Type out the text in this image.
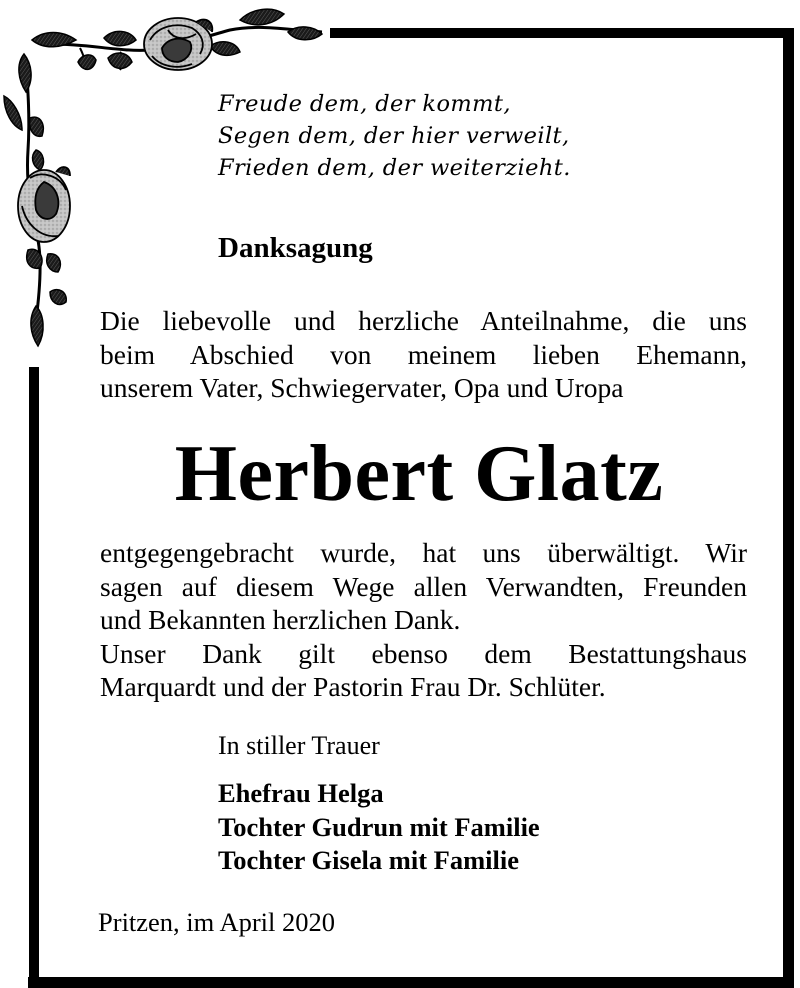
Freude dem, der kommt,
Segen dem, der hier verweilt,
Frieden dem, der weiterzieht.
Danksagung
Die liebevolle und herzliche Anteilnahme, die uns
beim Abschied von meinem lieben Ehemann,
unserem Vater, Schwiegervater, Opa und Uropa
Herbert Glatz
entgegengebracht wurde, hat uns überwältigt. Wir
sagen auf diesem Wege allen Verwandten, Freunden
und Bekannten herzlichen Dank.
Unser Dank gilt ebenso dem Bestattungshaus
Marquardt und der Pastorin Frau Dr. Schlüter.
In stiller Trauer
Ehefrau Helga
Tochter Gudrun mit Familie
Tochter Gisela mit Familie
Pritzen, im April 2020
